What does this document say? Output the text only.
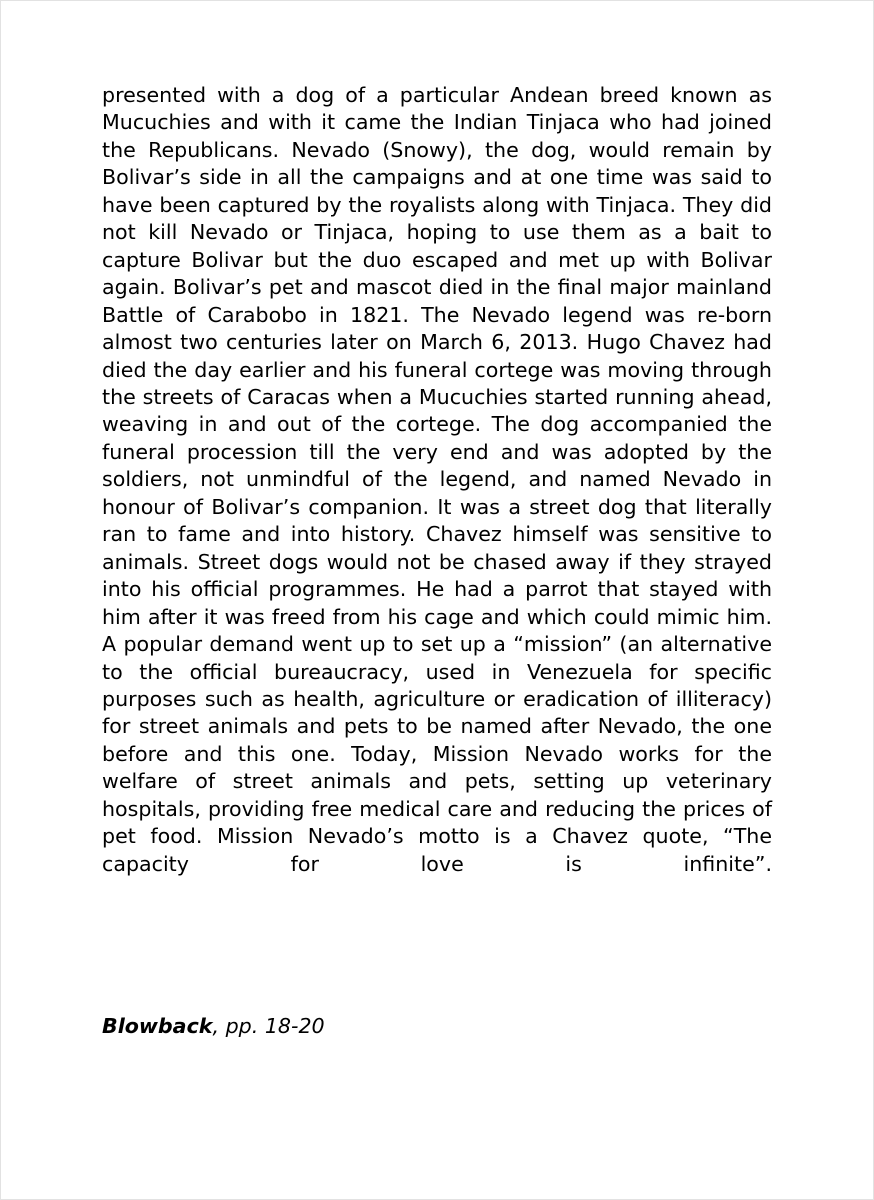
presented with a dog of a particular Andean breed known as Mucuchies and with it came the Indian Tinjaca who had joined the Republicans. Nevado (Snowy), the dog, would remain by Bolivar’s side in all the campaigns and at one time was said to have been captured by the royalists along with Tinjaca. They did not kill Nevado or Tinjaca, hoping to use them as a bait to capture Bolivar but the duo escaped and met up with Bolivar again. Bolivar’s pet and mascot died in the final major mainland Battle of Carabobo in 1821. The Nevado legend was re-born almost two centuries later on March 6, 2013. Hugo Chavez had died the day earlier and his funeral cortege was moving through the streets of Caracas when a Mucuchies started running ahead, weaving in and out of the cortege. The dog accompanied the funeral procession till the very end and was adopted by the soldiers, not unmindful of the legend, and named Nevado in honour of Bolivar’s companion. It was a street dog that literally ran to fame and into history. Chavez himself was sensitive to animals. Street dogs would not be chased away if they strayed into his official programmes. He had a parrot that stayed with him after it was freed from his cage and which could mimic him. A popular demand went up to set up a “mission” (an alternative to the official bureaucracy, used in Venezuela for specific purposes such as health, agriculture or eradication of illiteracy) for street animals and pets to be named after Nevado, the one before and this one. Today, Mission Nevado works for the welfare of street animals and pets, setting up veterinary hospitals, providing free medical care and reducing the prices of pet food. Mission Nevado’s motto is a Chavez quote, “The capacity for love is infinite”.

Blowback, pp. 18-20
